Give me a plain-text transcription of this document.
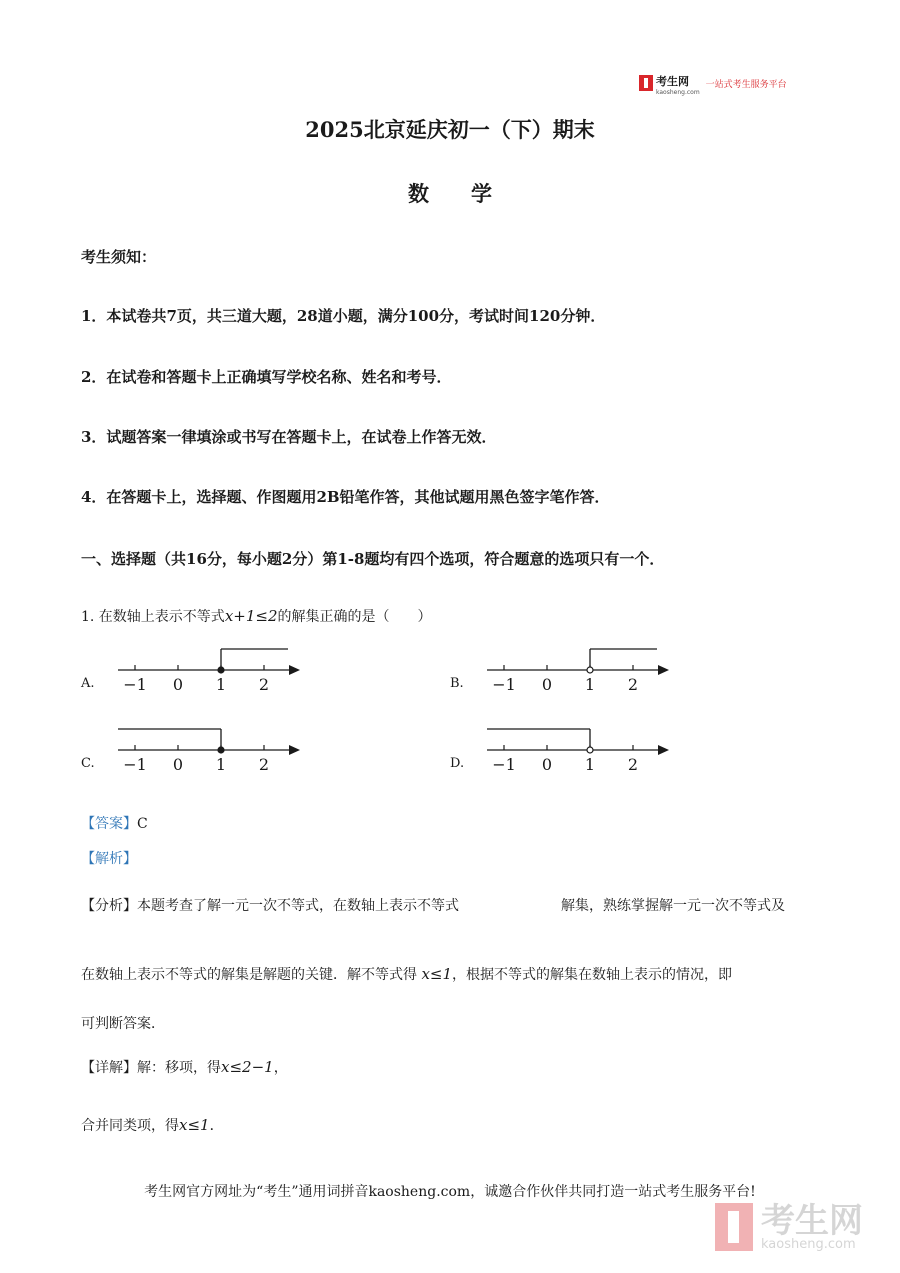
考生网
kaosheng.com
一站式考生服务平台
2025北京延庆初一（下）期末
数　　学
考生须知：
1．本试卷共7页，共三道大题，28道小题，满分100分，考试时间120分钟．
2．在试卷和答题卡上正确填写学校名称、姓名和考号．
3．试题答案一律填涂或书写在答题卡上，在试卷上作答无效．
4．在答题卡上，选择题、作图题用2B铅笔作答，其他试题用黑色签字笔作答．
一、选择题（共16分，每小题2分）第1-8题均有四个选项，符合题意的选项只有一个．
1. 在数轴上表示不等式x+1≤2的解集正确的是（　　）
A.	B.
C.	D.
−1 0 1 2	−1 0 1 2
−1 0 1 2	−1 0 1 2
【答案】C
【解析】
【分析】本题考查了解一元一次不等式，在数轴上表示不等式	解集，熟练掌握解一元一次不等式及
在数轴上表示不等式的解集是解题的关键．解不等式得 x≤1，根据不等式的解集在数轴上表示的情况，即
可判断答案．
【详解】解：移项，得x≤2−1，
合并同类项，得x≤1．
考生网官方网址为“考生”通用词拼音kaosheng.com，诚邀合作伙伴共同打造一站式考生服务平台!
考生网
kaosheng.com
